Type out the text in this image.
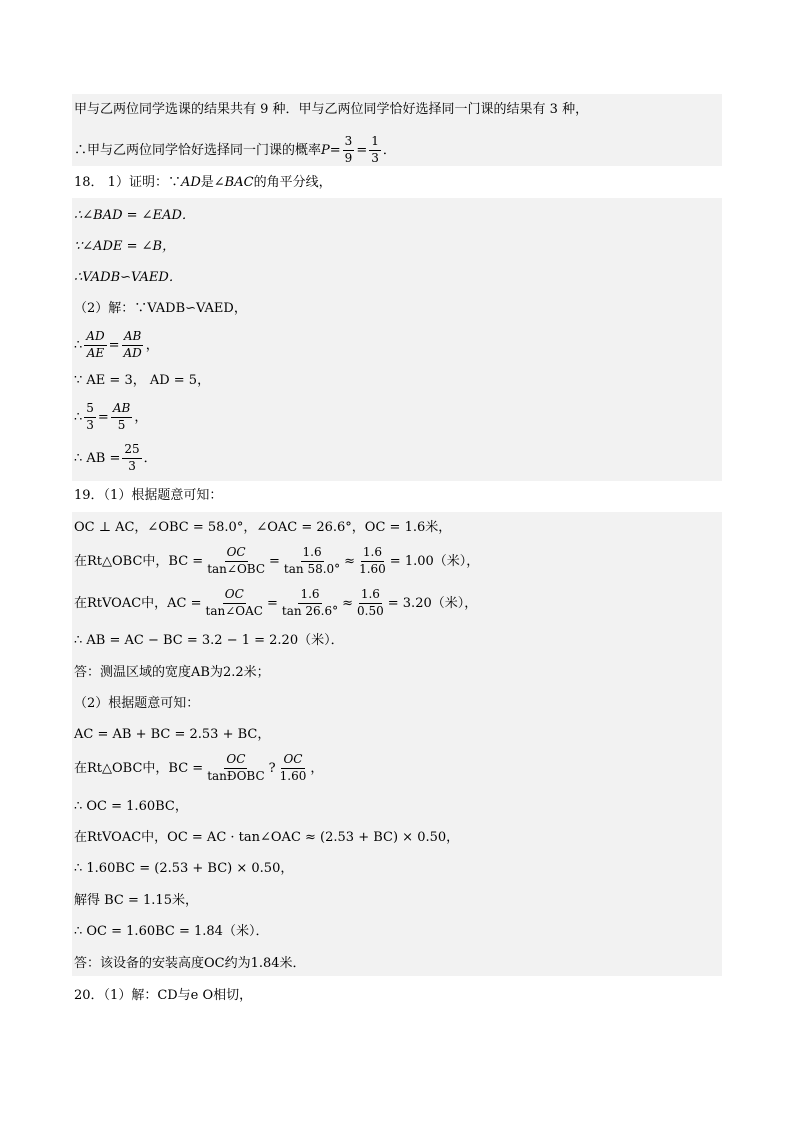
甲与乙两位同学选课的结果共有 9 种．甲与乙两位同学恰好选择同一门课的结果有 3 种，
∴甲与乙两位同学恰好选择同一门课的概率 $P = \frac{3}{9} = \frac{1}{3}$ ．
18． 1）证明：∵ AD 是∠ BAC 的角平分线，
∴∠BAD = ∠EAD．
∵∠ADE = ∠B，
∴VADB∽VAED．
（2）解：∵VADB∽VAED，
∴ $\frac{AD}{AE} = \frac{AB}{AD}$ ，
∵ AE = 3， AD = 5，
∴ $\frac{5}{3} = \frac{AB}{5}$ ，
∴ AB = $\frac{25}{3}$ ．
19．（1）根据题意可知：
OC ⊥ AC，∠OBC = 58.0°，∠OAC = 26.6°，OC = 1.6米，
在Rt△OBC中，BC = $\frac{OC}{\text{tan∠OBC}} = \frac{1.6}{\tan 58.0^\circ} \approx \frac{1.6}{1.60} = 1.00$（米），
在RtVOAC中，AC = $\frac{OC}{\text{tan∠OAC}} = \frac{1.6}{\tan 26.6^\circ} \approx \frac{1.6}{0.50} = 3.20$（米），
∴ AB = AC − BC = 3.2 − 1 = 2.20（米）．
答：测温区域的宽度AB为2.2米；
（2）根据题意可知：
AC = AB + BC = 2.53 + BC，
在Rt△OBC中，BC = $\frac{OC}{\text{tanÐOBC}}$ ? $\frac{OC}{1.60}$ ，
∴ OC = 1.60BC，
在RtVOAC中，OC = AC · tan∠OAC ≈ (2.53 + BC) × 0.50，
∴ 1.60BC = (2.53 + BC) × 0.50，
解得 BC = 1.15米，
∴ OC = 1.60BC = 1.84（米）．
答：该设备的安装高度OC约为1.84米．
20．（1）解：CD与e O相切，
